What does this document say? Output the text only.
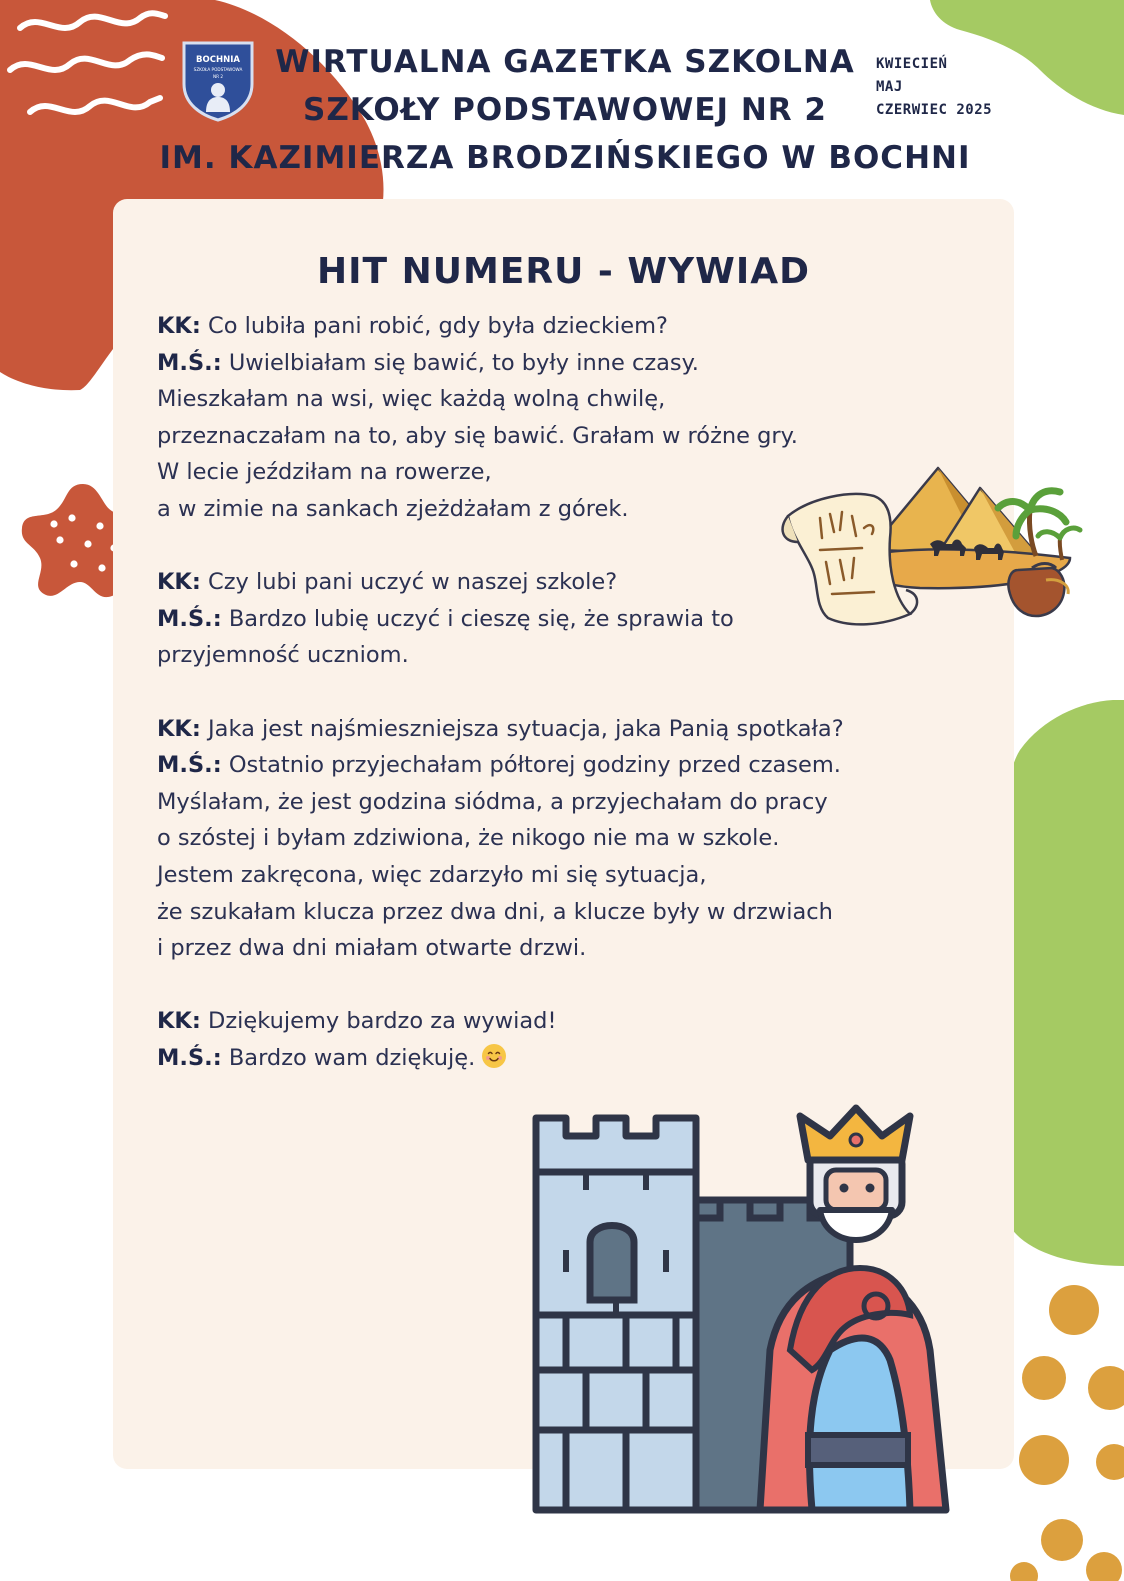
BOCHNIA
SZKOŁA PODSTAWOWA
NR 2	WIRTUALNA GAZETKA SZKOLNA
SZKOŁY PODSTAWOWEJ NR 2
IM. KAZIMIERZA BRODZIŃSKIEGO W BOCHNI
KWIECIEŃ
MAJ
CZERWIEC 2025
HIT NUMERU - WYWIAD
KK: Co lubiła pani robić, gdy była dzieckiem?
M.Ś.: Uwielbiałam się bawić, to były inne czasy.
Mieszkałam na wsi, więc każdą wolną chwilę,
przeznaczałam na to, aby się bawić. Grałam w różne gry.
W lecie jeździłam na rowerze,
a w zimie na sankach zjeżdżałam z górek.
KK: Czy lubi pani uczyć w naszej szkole?
M.Ś.: Bardzo lubię uczyć i cieszę się, że sprawia to
przyjemność uczniom.
KK: Jaka jest najśmieszniejsza sytuacja, jaka Panią spotkała?
M.Ś.: Ostatnio przyjechałam półtorej godziny przed czasem.
Myślałam, że jest godzina siódma, a przyjechałam do pracy
o szóstej i byłam zdziwiona, że nikogo nie ma w szkole.
Jestem zakręcona, więc zdarzyło mi się sytuacja,
że szukałam klucza przez dwa dni, a klucze były w drzwiach
i przez dwa dni miałam otwarte drzwi.
KK: Dziękujemy bardzo za wywiad!
M.Ś.: Bardzo wam dziękuję.
